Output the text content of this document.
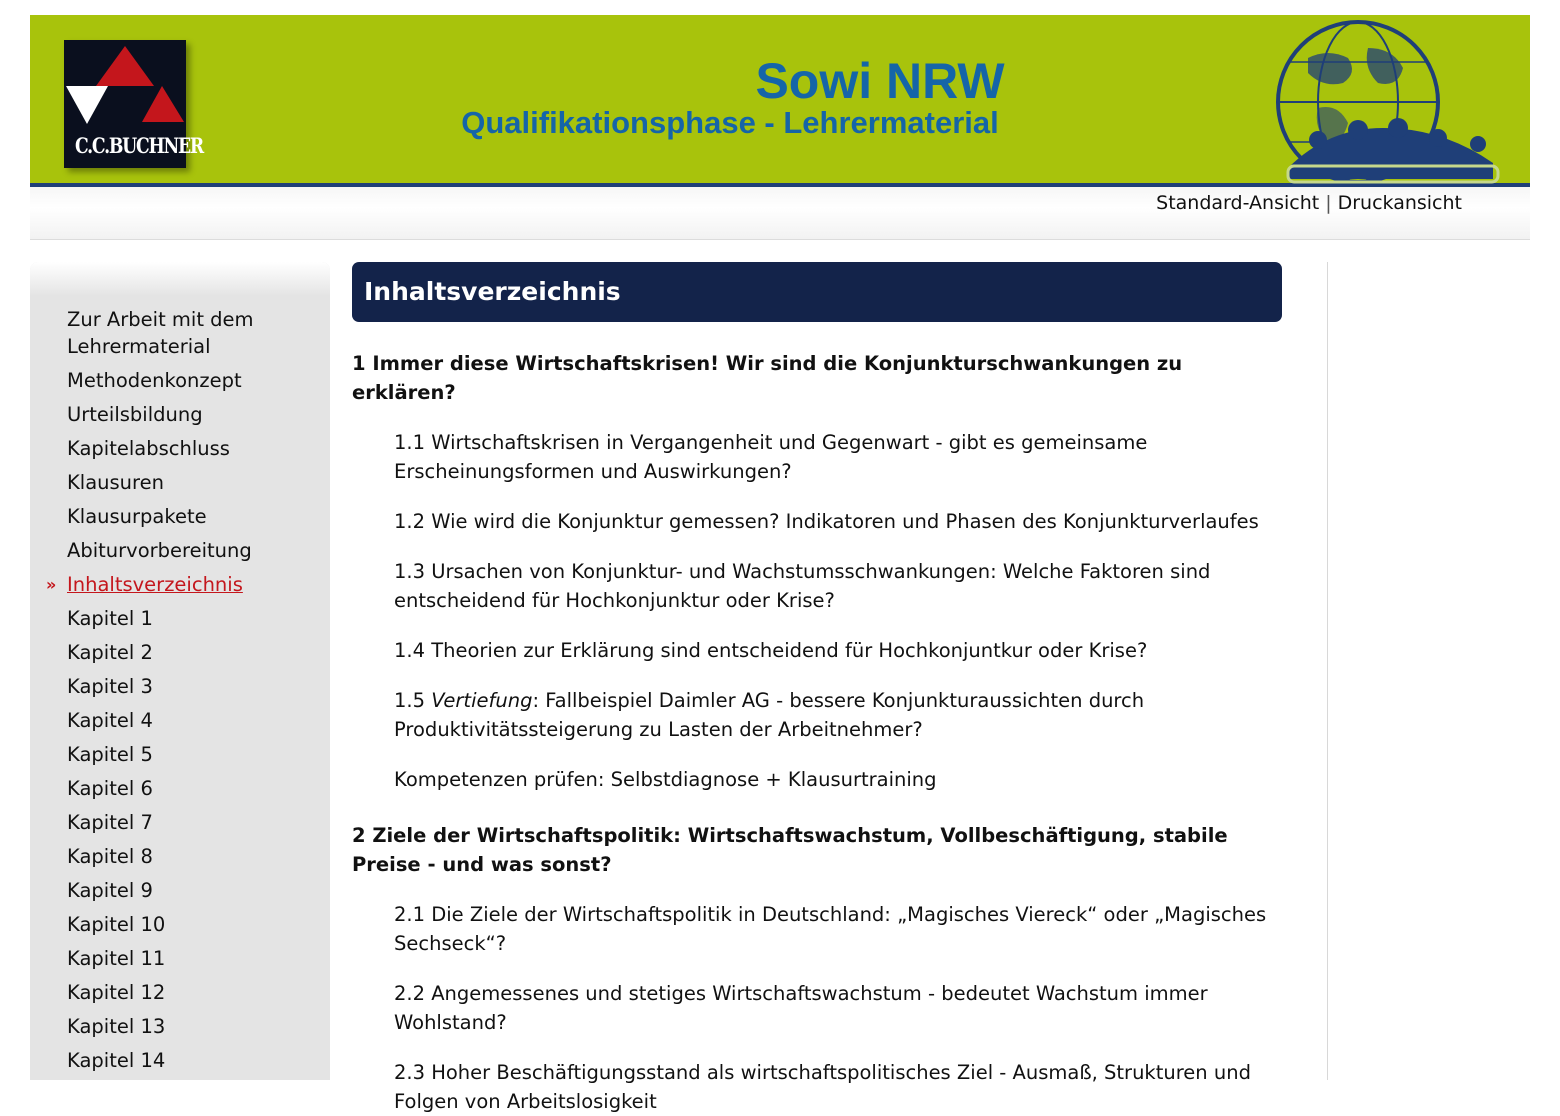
C.C.BUCHNER
Sowi NRW
Qualifikationsphase - Lehrermaterial
Standard-Ansicht | Druckansicht
Zur Arbeit mit dem Lehrermaterial
Methodenkonzept
Urteilsbildung
Kapitelabschluss
Klausuren
Klausurpakete
Abiturvorbereitung
» Inhaltsverzeichnis
Kapitel 1
Kapitel 2
Kapitel 3
Kapitel 4
Kapitel 5
Kapitel 6
Kapitel 7
Kapitel 8
Kapitel 9
Kapitel 10
Kapitel 11
Kapitel 12
Kapitel 13
Kapitel 14
Inhaltsverzeichnis

1 Immer diese Wirtschaftskrisen! Wir sind die Konjunkturschwankungen zu erklären?

1.1 Wirtschaftskrisen in Vergangenheit und Gegenwart - gibt es gemeinsame Erscheinungsformen und Auswirkungen?

1.2 Wie wird die Konjunktur gemessen? Indikatoren und Phasen des Konjunkturverlaufes

1.3 Ursachen von Konjunktur- und Wachstumsschwankungen: Welche Faktoren sind entscheidend für Hochkonjunktur oder Krise?

1.4 Theorien zur Erklärung sind entscheidend für Hochkonjuntkur oder Krise?

1.5 Vertiefung: Fallbeispiel Daimler AG - bessere Konjunkturaussichten durch Produktivitätssteigerung zu Lasten der Arbeitnehmer?

Kompetenzen prüfen: Selbstdiagnose + Klausurtraining

2 Ziele der Wirtschaftspolitik: Wirtschaftswachstum, Vollbeschäftigung, stabile Preise - und was sonst?

2.1 Die Ziele der Wirtschaftspolitik in Deutschland: „Magisches Viereck“ oder „Magisches Sechseck“?

2.2 Angemessenes und stetiges Wirtschaftswachstum - bedeutet Wachstum immer Wohlstand?

2.3 Hoher Beschäftigungsstand als wirtschaftspolitisches Ziel - Ausmaß, Strukturen und Folgen von Arbeitslosigkeit
